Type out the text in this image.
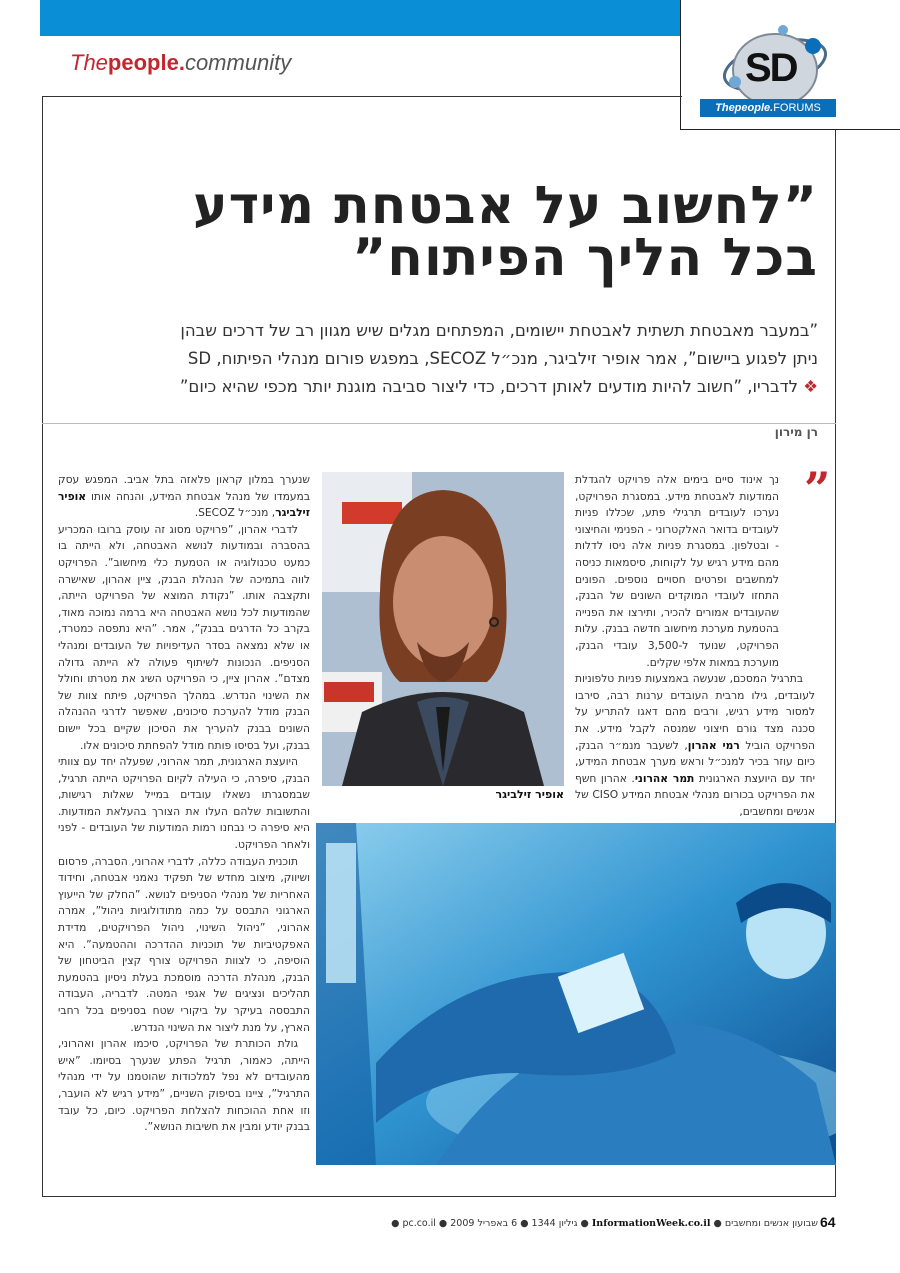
Thepeople.community	SD
Thepeople.FORUMS
”לחשוב על אבטחת מידע
בכל הליך הפיתוח”
”במעבר מאבטחת תשתית לאבטחת יישומים, המפתחים מגלים שיש מגוון רב של דרכים שבהן
ניתן לפגוע ביישום”, אמר אופיר זילביגר, מנכ״ל SECOZ, במפגש פורום מנהלי הפיתוח, SD
❖ לדבריו, ”חשוב להיות מודעים לאותן דרכים, כדי ליצור סביבה מוגנת יותר מכפי שהיא כיום”
רן מירון
”

נך אינוד סיים בימים אלה פרויקט להגדלת המודעות לאבטחת מידע. במסגרת הפרויקט, נערכו לעובדים תרגילי פתע, שכללו פניות לעובדים בדואר האלקטרוני - הפנימי והחיצוני - ובטלפון. במסגרת פניות אלה ניסו לדלות מהם מידע רגיש על לקוחות, סיסמאות כניסה למחשבים ופרטים חסויים נוספים. הפונים התחזו לעובדי המוקדים השונים של הבנק, שהעובדים אמורים להכיר, ותירצו את הפנייה בהטמעת מערכת מיחשוב חדשה בבנק. עלות הפרויקט, שנועד ל-3,500 עובדי הבנק, מוערכת במאות אלפי שקלים.

בתרגיל המסכם, שנעשה באמצעות פניות טלפוניות לעובדים, גילו מרבית העובדים ערנות רבה, סירבו למסור מידע רגיש, ורבים מהם דאגו להתריע על סכנה מצד גורם חיצוני שמנסה לקבל מידע. את הפרויקט הוביל רמי אהרון, לשעבר מנמ״ר הבנק, כיום עוזר בכיר למנכ״ל וראש מערך אבטחת המידע, יחד עם היועצת הארגונית תמר אהרוני. אהרון חשף את הפרויקט בכורום מנהלי אבטחת המידע CISO של אנשים ומחשבים,

אופיר זילביגר

שנערך במלון קראון פלאזה בתל אביב. המפגש עסק במעמדו של מנהל אבטחת המידע, והנחה אותו אופיר זילביגר, מנכ״ל SECOZ.

לדברי אהרון, ”פרויקט מסוג זה עוסק ברובו המכריע בהסברה ובמודעות לנושא האבטחה, ולא הייתה בו כמעט טכנולוגיה או הטמעת כלי מיחשוב”. הפרויקט לווה בתמיכה של הנהלת הבנק, ציין אהרון, שאישרה ותקצבה אותו. ”נקודת המוצא של הפרויקט הייתה, שהמודעות לכל נושא האבטחה היא ברמה נמוכה מאוד, בקרב כל הדרגים בבנק”, אמר. ”היא נתפסה כמטרד, או שלא נמצאה בסדר העדיפויות של העובדים ומנהלי הסניפים. הנכונות לשיתוף פעולה לא הייתה גדולה מצדם”. אהרון ציין, כי הפרויקט השיג את מטרתו וחולל את השינוי הנדרש. במהלך הפרויקט, פיתח צוות של הבנק מודל להערכת סיכונים, שאפשר לדרגי ההנהלה השונים בבנק להעריך את הסיכון שקיים בכל יישום בבנק, ועל בסיסו פותח מודל להפחתת סיכונים אלו.

היועצת הארגונית, תמר אהרוני, שפעלה יחד עם צוותי הבנק, סיפרה, כי העילה לקיום הפרויקט הייתה תרגיל, שבמסגרתו נשאלו עובדים במייל שאלות רגישות, והתשובות שלהם העלו את הצורך בהעלאת המודעות. היא סיפרה כי נבחנו רמות המודעות של העובדים - לפני ולאחר הפרויקט.

תוכנית העבודה כללה, לדברי אהרוני, הסברה, פרסום ושיווק, מיצוב מחדש של תפקיד נאמני אבטחה, וחידוד האחריות של מנהלי הסניפים לנושא. ”החלק של הייעוץ הארגוני התבסס על כמה מתודולוגיות ניהול”, אמרה אהרוני, ”ניהול השינוי, ניהול הפרויקטים, מדידת האפקטיביות של תוכניות ההדרכה וההטמעה”. היא הוסיפה, כי לצוות הפרויקט צורף קצין הביטחון של הבנק, מנהלת הדרכה מוסמכת בעלת ניסיון בהטמעת תהליכים ונציגים של אגפי המטה. לדבריה, העבודה התבססה בעיקר על ביקורי שטח בסניפים בכל רחבי הארץ, על מנת ליצור את השינוי הנדרש.

גולת הכותרת של הפרויקט, סיכמו אהרון ואהרוני, הייתה, כאמור, תרגיל הפתע שנערך בסיומו. ”איש מהעובדים לא נפל למלכודות שהוטמנו על ידי מנהלי התרגיל”, ציינו בסיפוק השניים, ”מידע רגיש לא הועבר, וזו אחת ההוכחות להצלחת הפרויקט. כיום, כל עובד בבנק יודע ומבין את חשיבות הנושא”.

שבועון אנשים ומחשבים ● InformationWeek.co.il ● גיליון 1344 ● 6 באפריל 2009 ● pc.co.il ●	64
